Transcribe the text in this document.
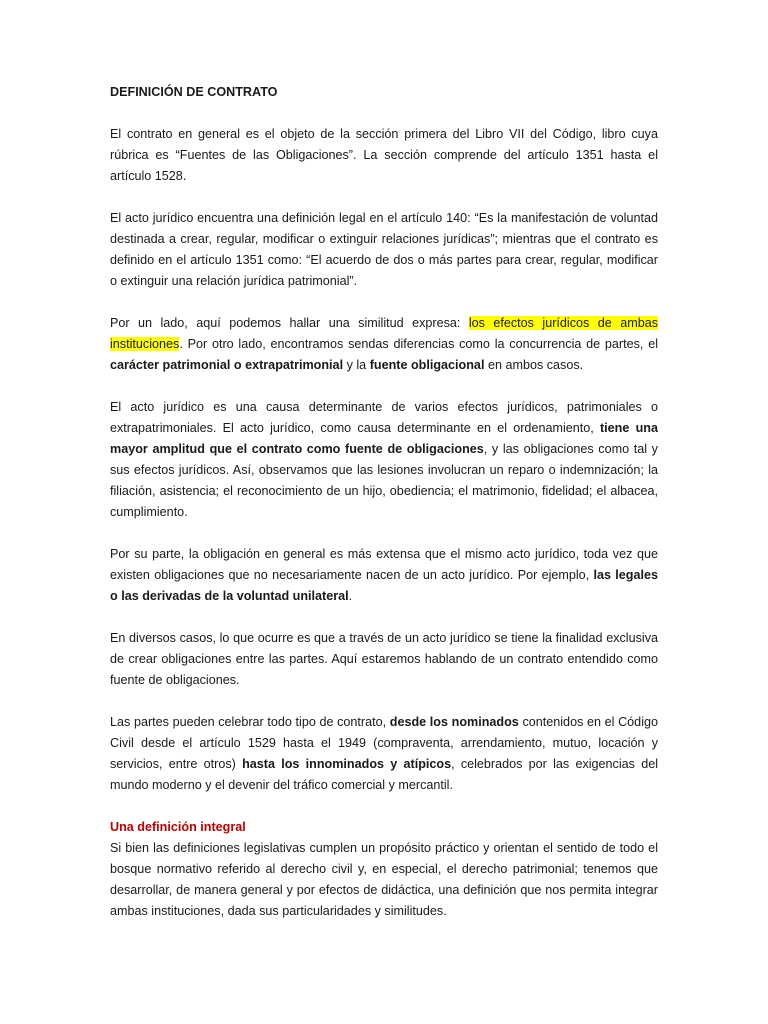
DEFINICIÓN DE CONTRATO

El contrato en general es el objeto de la sección primera del Libro VII del Código, libro cuya rúbrica es “Fuentes de las Obligaciones”. La sección comprende del artículo 1351 hasta el artículo 1528.

El acto jurídico encuentra una definición legal en el artículo 140: “Es la manifestación de voluntad destinada a crear, regular, modificar o extinguir relaciones jurídicas”; mientras que el contrato es definido en el artículo 1351 como: “El acuerdo de dos o más partes para crear, regular, modificar o extinguir una relación jurídica patrimonial”.

Por un lado, aquí podemos hallar una similitud expresa: los efectos jurídicos de ambas instituciones. Por otro lado, encontramos sendas diferencias como la concurrencia de partes, el carácter patrimonial o extrapatrimonial y la fuente obligacional en ambos casos.

El acto jurídico es una causa determinante de varios efectos jurídicos, patrimoniales o extrapatrimoniales. El acto jurídico, como causa determinante en el ordenamiento, tiene una mayor amplitud que el contrato como fuente de obligaciones, y las obligaciones como tal y sus efectos jurídicos. Así, observamos que las lesiones involucran un reparo o indemnización; la filiación, asistencia; el reconocimiento de un hijo, obediencia; el matrimonio, fidelidad; el albacea, cumplimiento.

Por su parte, la obligación en general es más extensa que el mismo acto jurídico, toda vez que existen obligaciones que no necesariamente nacen de un acto jurídico. Por ejemplo, las legales o las derivadas de la voluntad unilateral.

En diversos casos, lo que ocurre es que a través de un acto jurídico se tiene la finalidad exclusiva de crear obligaciones entre las partes. Aquí estaremos hablando de un contrato entendido como fuente de obligaciones.

Las partes pueden celebrar todo tipo de contrato, desde los nominados contenidos en el Código Civil desde el artículo 1529 hasta el 1949 (compraventa, arrendamiento, mutuo, locación y servicios, entre otros) hasta los innominados y atípicos, celebrados por las exigencias del mundo moderno y el devenir del tráfico comercial y mercantil.

Una definición integral

Si bien las definiciones legislativas cumplen un propósito práctico y orientan el sentido de todo el bosque normativo referido al derecho civil y, en especial, el derecho patrimonial; tenemos que desarrollar, de manera general y por efectos de didáctica, una definición que nos permita integrar ambas instituciones, dada sus particularidades y similitudes.
